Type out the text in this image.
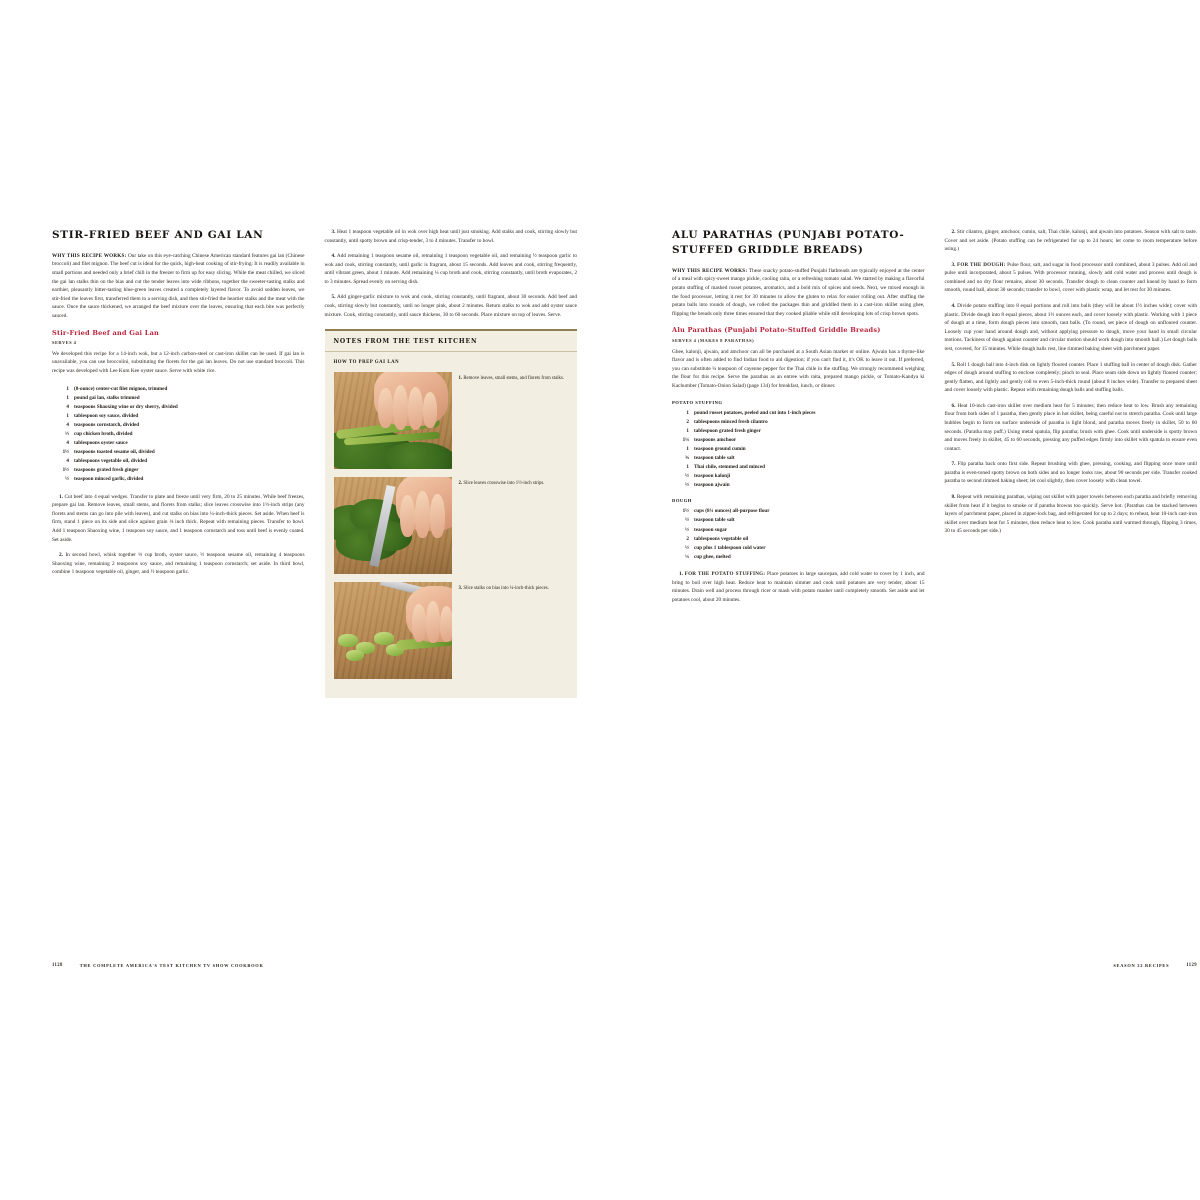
STIR-FRIED BEEF AND GAI LAN

WHY THIS RECIPE WORKS: Our take on this eye-catching Chinese American standard features gai lan (Chinese broccoli) and filet mignon. The beef cut is ideal for the quick, high-heat cooking of stir-frying: It is readily available in small portions and needed only a brief chill in the freezer to firm up for easy slicing. While the meat chilled, we sliced the gai lan stalks thin on the bias and cut the tender leaves into wide ribbons, together the sweeter-tasting stalks and earthier, pleasantly bitter-tasting blue-green leaves created a completely layered flavor. To avoid sodden leaves, we stir-fried the leaves first, transferred them to a serving dish, and then stir-fried the heartier stalks and the meat with the sauce. Once the sauce thickened, we arranged the beef mixture over the leaves, ensuring that each bite was perfectly sauced.

Stir-Fried Beef and Gai Lan
SERVES 4

We developed this recipe for a 14-inch wok, but a 12-inch carbon-steel or cast-iron skillet can be used. If gai lan is unavailable, you can use broccolini, substituting the florets for the gai lan leaves. Do not use standard broccoli. This recipe was developed with Lee Kum Kee oyster sauce. Serve with white rice.

1 (8-ounce) center-cut filet mignon, trimmed
1 pound gai lan, stalks trimmed
4 teaspoons Shaoxing wine or dry sherry, divided
1 tablespoon soy sauce, divided
4 teaspoons cornstarch, divided
⅓ cup chicken broth, divided
4 tablespoons oyster sauce
1½ teaspoons toasted sesame oil, divided
4 tablespoons vegetable oil, divided
1½ teaspoons grated fresh ginger
½ teaspoon minced garlic, divided

1. Cut beef into 4 equal wedges. Transfer to plate and freeze until very firm, 20 to 25 minutes. While beef freezes, prepare gai lan. Remove leaves, small stems, and florets from stalks; slice leaves crosswise into 1½-inch strips (any florets and stems can go into pile with leaves), and cut stalks on bias into ¼-inch-thick pieces. Set aside. When beef is firm, stand 1 piece on its side and slice against grain ⅛ inch thick. Repeat with remaining pieces. Transfer to bowl. Add 1 teaspoon Shaoxing wine, 1 teaspoon soy sauce, and 1 teaspoon cornstarch and toss until beef is evenly coated. Set aside.

2. In second bowl, whisk together ⅓ cup broth, oyster sauce, ½ teaspoon sesame oil, remaining 4 teaspoons Shaoxing wine, remaining 2 teaspoons soy sauce, and remaining 1 teaspoon cornstarch; set aside. In third bowl, combine 1 teaspoon vegetable oil, ginger, and ½ teaspoon garlic.

3. Heat 1 teaspoon vegetable oil in wok over high heat until just smoking. Add stalks and cook, stirring slowly but constantly, until spotty brown and crisp-tender, 3 to 4 minutes. Transfer to bowl.

4. Add remaining 1 teaspoon sesame oil, remaining 1 teaspoon vegetable oil, and remaining ½ teaspoon garlic to wok and cook, stirring constantly, until garlic is fragrant, about 15 seconds. Add leaves and cook, stirring frequently, until vibrant green, about 1 minute. Add remaining ¼ cup broth and cook, stirring constantly, until broth evaporates, 2 to 3 minutes. Spread evenly on serving dish.

5. Add ginger-garlic mixture to wok and cook, stirring constantly, until fragrant, about 30 seconds. Add beef and cook, stirring slowly but constantly, until no longer pink, about 2 minutes. Return stalks to wok and add oyster sauce mixture. Cook, stirring constantly, until sauce thickens, 30 to 60 seconds. Place mixture on top of leaves. Serve.

NOTES FROM THE TEST KITCHEN
HOW TO PREP GAI LAN
1. Remove leaves, small stems, and florets from stalks.
2. Slice leaves crosswise into 1½-inch strips.
3. Slice stalks on bias into ¼-inch-thick pieces.
1128	THE COMPLETE AMERICA'S TEST KITCHEN TV SHOW COOKBOOK
ALU PARATHAS (PUNJABI POTATO-STUFFED GRIDDLE BREADS)

WHY THIS RECIPE WORKS: These snacky potato-stuffed Punjabi flatbreads are typically enjoyed at the center of a meal with spicy-sweet mango pickle, cooling raita, or a refreshing tomato salad. We started by making a flavorful potato stuffing of mashed russet potatoes, aromatics, and a bold mix of spices and seeds. Next, we mixed enough in the food processor, letting it rest for 30 minutes to allow the gluten to relax for easier rolling out. After stuffing the potato balls into rounds of dough, we rolled the packages thin and griddled them in a cast-iron skillet using ghee, flipping the breads only three times ensured that they cooked pliable while still developing lots of crisp brown spots.

Alu Parathas (Punjabi Potato-Stuffed Griddle Breads)
SERVES 4 (MAKES 8 PARATHAS)

Ghee, kalonji, ajwain, and amchoor can all be purchased at a South Asian market or online. Ajwain has a thyme-like flavor and is often added to find Indian food to aid digestion; if you can't find it, it's OK to leave it out. If preferred, you can substitute ¼ teaspoon of cayenne pepper for the Thai chile in the stuffing. We strongly recommend weighing the flour for this recipe. Serve the parathas as an entree with raita, prepared mango pickle, or Tomato-Kandya ki Kachumber (Tomato-Onion Salad) (page 134) for breakfast, lunch, or dinner.

POTATO STUFFING
1 pound russet potatoes, peeled and cut into 1-inch pieces
2 tablespoons minced fresh cilantro
1 tablespoon grated fresh ginger
1¼ teaspoons amchoor
1 teaspoon ground cumin
¾ teaspoon table salt
1 Thai chile, stemmed and minced
½ teaspoon kalonji
½ teaspoon ajwain
DOUGH
1½ cups (8¼ ounces) all-purpose flour
½ teaspoon table salt
½ teaspoon sugar
2 tablespoons vegetable oil
½ cup plus 1 tablespoon cold water
¼ cup ghee, melted

1. FOR THE POTATO STUFFING: Place potatoes in large saucepan, add cold water to cover by 1 inch, and bring to boil over high heat. Reduce heat to maintain simmer and cook until potatoes are very tender, about 15 minutes. Drain well and process through ricer or mash with potato masher until completely smooth. Set aside and let potatoes cool, about 20 minutes.

2. Stir cilantro, ginger, amchoor, cumin, salt, Thai chile, kalonji, and ajwain into potatoes. Season with salt to taste. Cover and set aside. (Potato stuffing can be refrigerated for up to 24 hours; let come to room temperature before using.)

3. FOR THE DOUGH: Pulse flour, salt, and sugar in food processor until combined, about 3 pulses. Add oil and pulse until incorporated, about 5 pulses. With processor running, slowly add cold water and process until dough is combined and no dry flour remains, about 30 seconds. Transfer dough to clean counter and knead by hand to form smooth, round ball, about 30 seconds; transfer to bowl, cover with plastic wrap, and let rest for 30 minutes.

4. Divide potato stuffing into 8 equal portions and roll into balls (they will be about 1½ inches wide); cover with plastic. Divide dough into 8 equal pieces, about 1½ ounces each, and cover loosely with plastic. Working with 1 piece of dough at a time, form dough pieces into smooth, taut balls. (To round, set piece of dough on unfloured counter. Loosely cup your hand around dough and, without applying pressure to dough, move your hand in small circular motions. Tackiness of dough against counter and circular motion should work dough into smooth ball.) Let dough balls rest, covered, for 15 minutes. While dough balls rest, line rimmed baking sheet with parchment paper.

5. Roll 1 dough ball into 4-inch disk on lightly floured counter. Place 1 stuffing ball in center of dough disk. Gather edges of dough around stuffing to enclose completely; pinch to seal. Place seam side down on lightly floured counter; gently flatten, and lightly and gently roll to even 5-inch-thick round (about 8 inches wide). Transfer to prepared sheet and cover loosely with plastic. Repeat with remaining dough balls and stuffing balls.

6. Heat 10-inch cast-iron skillet over medium heat for 5 minutes; then reduce heat to low. Brush any remaining flour from both sides of 1 paratha, then gently place in hot skillet, being careful not to stretch paratha. Cook until large bubbles begin to form on surface underside of paratha is light blond, and paratha moves freely in skillet, 50 to 60 seconds. (Paratha may puff.) Using metal spatula, flip paratha; brush with ghee. Cook until underside is spotty brown and moves freely in skillet, 45 to 60 seconds, pressing any puffed edges firmly into skillet with spatula to ensure even contact.

7. Flip paratha back onto first side. Repeat brushing with ghee, pressing, cooking, and flipping once more until paratha is even-toned spotty brown on both sides and no longer looks raw, about 90 seconds per side. Transfer cooked paratha to second rimmed baking sheet; let cool slightly, then cover loosely with clean towel.

8. Repeat with remaining parathas, wiping out skillet with paper towels between each paratha and briefly removing skillet from heat if it begins to smoke or if paratha browns too quickly. Serve hot. (Parathas can be stacked between layers of parchment paper, placed in zipper-lock bag, and refrigerated for up to 2 days; to reheat, heat 10-inch cast-iron skillet over medium heat for 5 minutes, then reduce heat to low. Cook paratha until warmed through, flipping 3 times, 30 to 45 seconds per side.)

SEASON 22 RECIPES	1129
